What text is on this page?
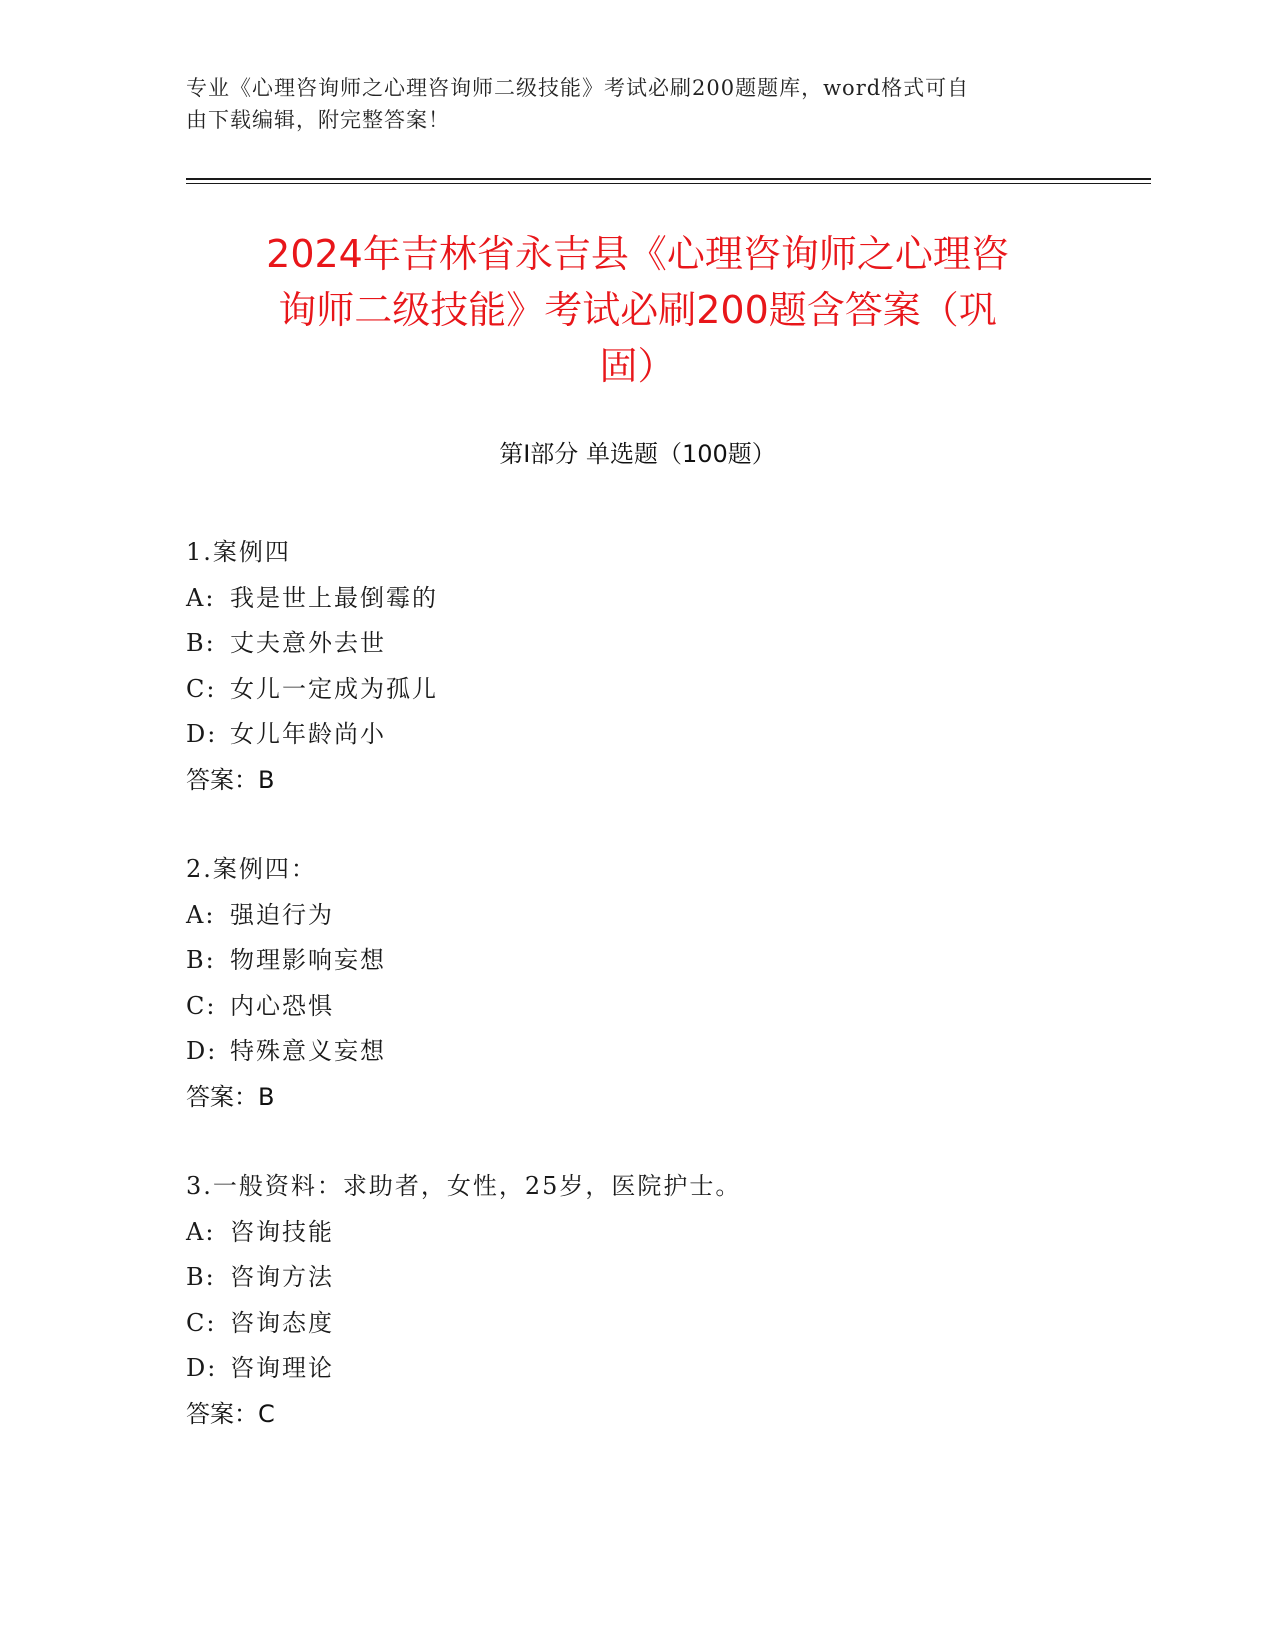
专业《心理咨询师之心理咨询师二级技能》考试必刷200题题库，word格式可自
由下载编辑，附完整答案！
2024年吉林省永吉县《心理咨询师之心理咨
询师二级技能》考试必刷200题含答案（巩
固）
第Ⅰ部分 单选题（100题）
1.案例四
A: 我是世上最倒霉的
B: 丈夫意外去世
C: 女儿一定成为孤儿
D: 女儿年龄尚小
答案：B
2.案例四：
A: 强迫行为
B: 物理影响妄想
C: 内心恐惧
D: 特殊意义妄想
答案：B
3.一般资料：求助者，女性，25岁，医院护士。
A: 咨询技能
B: 咨询方法
C: 咨询态度
D: 咨询理论
答案：C
